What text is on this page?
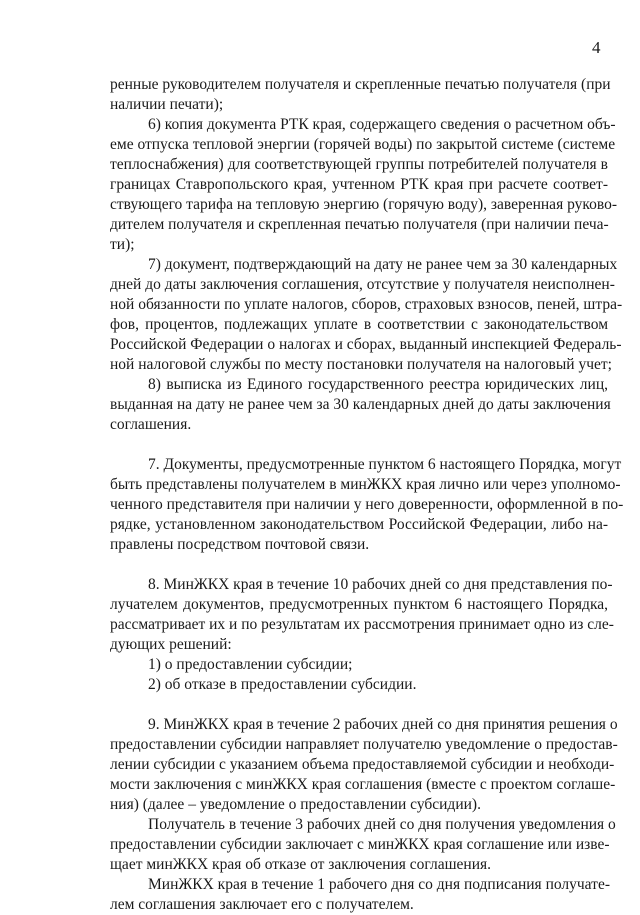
4
ренные руководителем получателя и скрепленные печатью получателя (при
наличии печати);
6) копия документа РТК края, содержащего сведения о расчетном объ-
еме отпуска тепловой энергии (горячей воды) по закрытой системе (системе
теплоснабжения) для соответствующей группы потребителей получателя в
границах Ставропольского края, учтенном РТК края при расчете соответ-
ствующего тарифа на тепловую энергию (горячую воду), заверенная руково-
дителем получателя и скрепленная печатью получателя (при наличии печа-
ти);
7) документ, подтверждающий на дату не ранее чем за 30 календарных
дней до даты заключения соглашения, отсутствие у получателя неисполнен-
ной обязанности по уплате налогов, сборов, страховых взносов, пеней, штра-
фов, процентов, подлежащих уплате в соответствии с законодательством
Российской Федерации о налогах и сборах, выданный инспекцией Федераль-
ной налоговой службы по месту постановки получателя на налоговый учет;
8) выписка из Единого государственного реестра юридических лиц,
выданная на дату не ранее чем за 30 календарных дней до даты заключения
соглашения.
7. Документы, предусмотренные пунктом 6 настоящего Порядка, могут
быть представлены получателем в минЖКХ края лично или через уполномо-
ченного представителя при наличии у него доверенности, оформленной в по-
рядке, установленном законодательством Российской Федерации, либо на-
правлены посредством почтовой связи.
8. МинЖКХ края в течение 10 рабочих дней со дня представления по-
лучателем документов, предусмотренных пунктом 6 настоящего Порядка,
рассматривает их и по результатам их рассмотрения принимает одно из сле-
дующих решений:
1) о предоставлении субсидии;
2) об отказе в предоставлении субсидии.
9. МинЖКХ края в течение 2 рабочих дней со дня принятия решения о
предоставлении субсидии направляет получателю уведомление о предостав-
лении субсидии с указанием объема предоставляемой субсидии и необходи-
мости заключения с минЖКХ края соглашения (вместе с проектом соглаше-
ния) (далее – уведомление о предоставлении субсидии).
Получатель в течение 3 рабочих дней со дня получения уведомления о
предоставлении субсидии заключает с минЖКХ края соглашение или изве-
щает минЖКХ края об отказе от заключения соглашения.
МинЖКХ края в течение 1 рабочего дня со дня подписания получате-
лем соглашения заключает его с получателем.
